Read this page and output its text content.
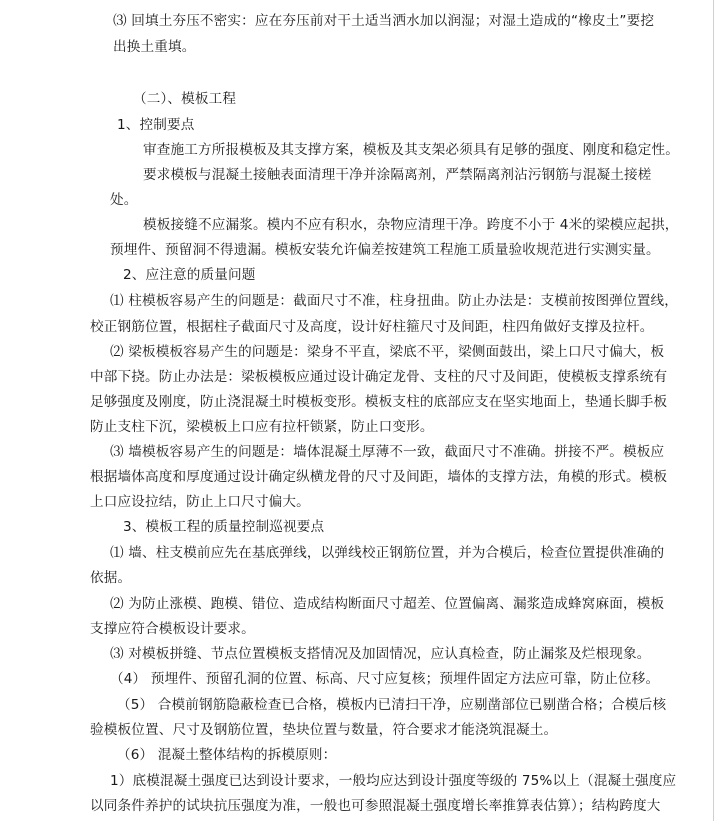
⑶ 回填土夯压不密实：应在夯压前对干土适当洒水加以润湿；对湿土造成的“橡皮土”要挖
出换土重填。
（二）、模板工程
1、控制要点
审查施工方所报模板及其支撑方案，模板及其支架必须具有足够的强度、刚度和稳定性。
要求模板与混凝土接触表面清理干净并涂隔离剂，严禁隔离剂沾污钢筋与混凝土接槎
处。
模板接缝不应漏浆。模内不应有积水，杂物应清理干净。跨度不小于 4米的梁模应起拱，
预埋件、预留洞不得遗漏。模板安装允许偏差按建筑工程施工质量验收规范进行实测实量。
2、应注意的质量问题
⑴ 柱模板容易产生的问题是：截面尺寸不准，柱身扭曲。防止办法是：支模前按图弹位置线，
校正钢筋位置，根据柱子截面尺寸及高度，设计好柱箍尺寸及间距，柱四角做好支撑及拉杆。
⑵ 梁板模板容易产生的问题是：梁身不平直，梁底不平，梁侧面鼓出，梁上口尺寸偏大，板
中部下挠。防止办法是：梁板模板应通过设计确定龙骨、支柱的尺寸及间距，使模板支撑系统有
足够强度及刚度，防止浇混凝土时模板变形。模板支柱的底部应支在坚实地面上，垫通长脚手板
防止支柱下沉，梁模板上口应有拉杆锁紧，防止口变形。
⑶ 墙模板容易产生的问题是：墙体混凝土厚薄不一致，截面尺寸不准确。拼接不严。模板应
根据墙体高度和厚度通过设计确定纵横龙骨的尺寸及间距，墙体的支撑方法，角模的形式。模板
上口应设拉结，防止上口尺寸偏大。
3、模板工程的质量控制巡视要点
⑴ 墙、柱支模前应先在基底弹线，以弹线校正钢筋位置，并为合模后，检查位置提供准确的
依据。
⑵ 为防止涨模、跑模、错位、造成结构断面尺寸超差、位置偏离、漏浆造成蜂窝麻面，模板
支撑应符合模板设计要求。
⑶ 对模板拼缝、节点位置模板支搭情况及加固情况，应认真检查，防止漏浆及烂根现象。
（4） 预埋件、预留孔洞的位置、标高、尺寸应复核；预埋件固定方法应可靠，防止位移。
（5） 合模前钢筋隐蔽检查已合格，模板内已清扫干净，应剔凿部位已剔凿合格；合模后核
验模板位置、尺寸及钢筋位置，垫块位置与数量，符合要求才能浇筑混凝土。
（6） 混凝土整体结构的拆模原则：
1）底模混凝土强度已达到设计要求，一般均应达到设计强度等级的 75%以上（混凝土强度应
以同条件养护的试块抗压强度为准，一般也可参照混凝土强度增长率推算表估算）；结构跨度大
